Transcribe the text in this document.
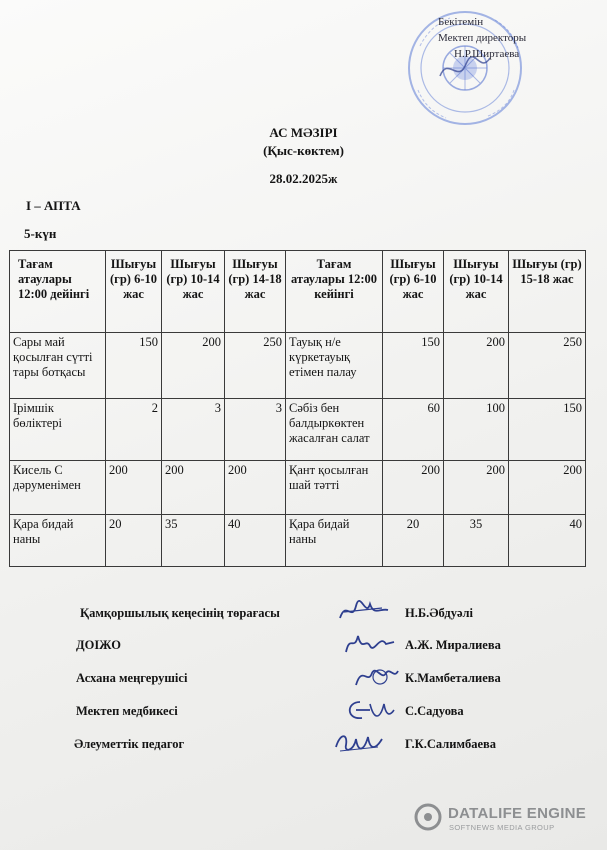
Бекітемін
Мектеп директоры
Н.Р.Ширтаева
АС МӘЗІРІ
(Қыс-көктем)
28.02.2025ж
I – АПТА
5-күн
Тағам атаулары 12:00 дейінгі	Шығуы (гр) 6-10 жас	Шығуы (гр) 10-14 жас	Шығуы (гр) 14-18 жас	Тағам атаулары 12:00 кейінгі	Шығуы (гр) 6-10 жас	Шығуы (гр) 10-14 жас	Шығуы (гр) 15-18 жас
Сары май қосылған сүтті тары ботқасы	150	200	250	Тауық н/е күркетауық етімен палау	150	200	250
Ірімшік бөліктері	2	3	3	Сәбіз бен балдыркөктен жасалған салат	60	100	150
Кисель С дәруменімен	200	200	200	Қант қосылған шай тәтті	200	200	200
Қара бидай наны	20	35	40	Қара бидай наны	20	35	40
Қамқоршылық кеңесінің төрағасы	Н.Б.Әбдуәлі
ДОІЖО	А.Ж. Миралиева
Асхана меңгерушісі	К.Мамбеталиева
Мектеп медбикесі	С.Садуова
Әлеуметтік педагог	Г.К.Салимбаева
DATALIFE ENGINE
SOFTNEWS MEDIA GROUP
